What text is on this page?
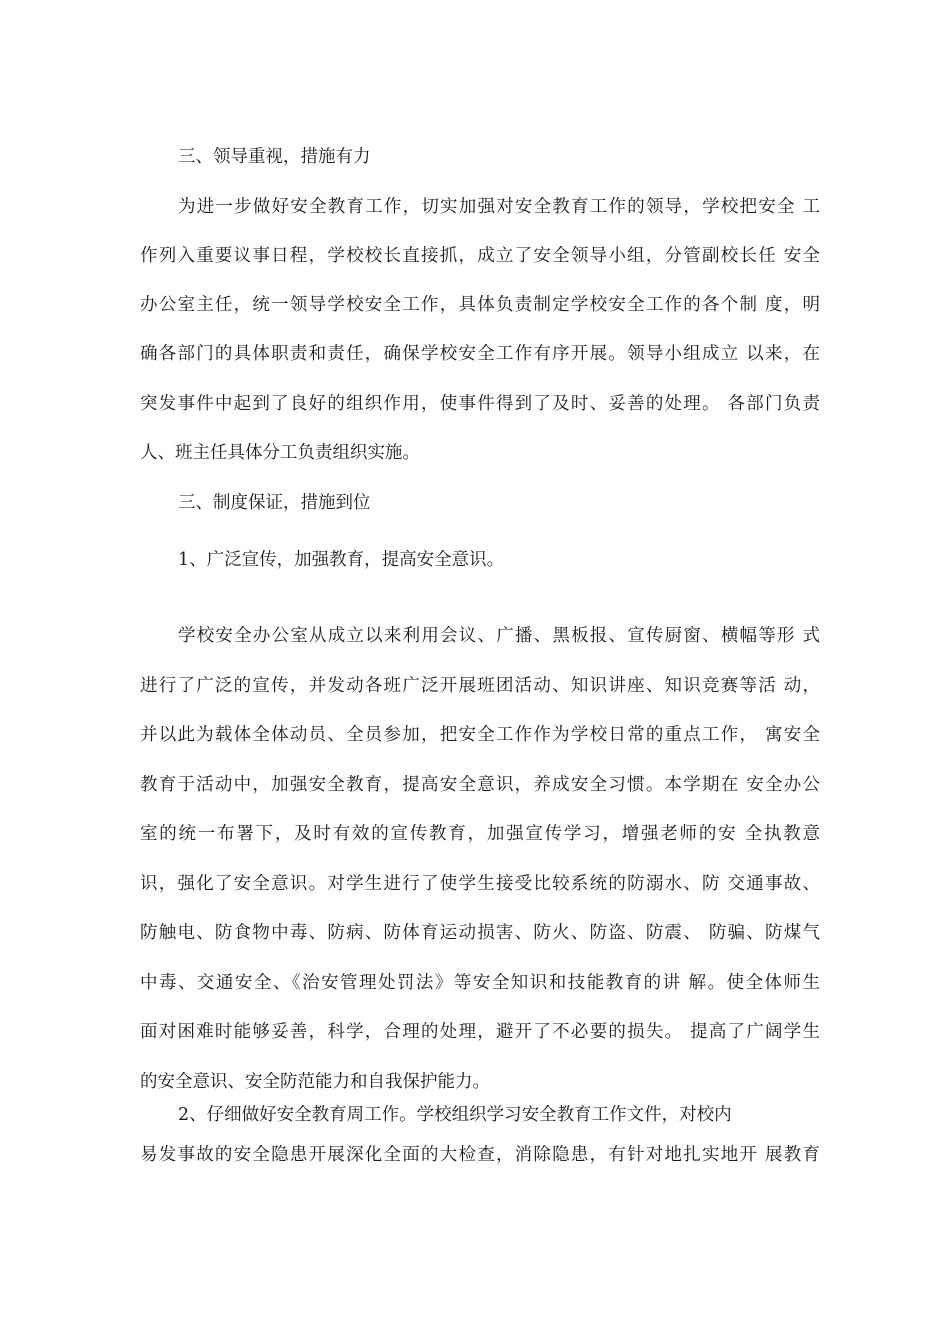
三、领导重视，措施有力
为进一步做好安全教育工作，切实加强对安全教育工作的领导，学校把安全 工
作列入重要议事日程，学校校长直接抓，成立了安全领导小组，分管副校长任 安全
办公室主任，统一领导学校安全工作，具体负责制定学校安全工作的各个制 度，明
确各部门的具体职责和责任，确保学校安全工作有序开展。领导小组成立 以来，在
突发事件中起到了良好的组织作用，使事件得到了及时、妥善的处理。 各部门负责
人、班主任具体分工负责组织实施。
三、制度保证，措施到位
1、广泛宣传，加强教育，提高安全意识。
学校安全办公室从成立以来利用会议、广播、黑板报、宣传厨窗、横幅等形 式
进行了广泛的宣传，并发动各班广泛开展班团活动、知识讲座、知识竞赛等活 动，
并以此为载体全体动员、全员参加，把安全工作作为学校日常的重点工作， 寓安全
教育于活动中，加强安全教育，提高安全意识，养成安全习惯。本学期在 安全办公
室的统一布署下，及时有效的宣传教育，加强宣传学习，增强老师的安 全执教意
识，强化了安全意识。对学生进行了使学生接受比较系统的防溺水、防 交通事故、
防触电、防食物中毒、防病、防体育运动损害、防火、防盗、防震、 防骗、防煤气
中毒、交通安全、《治安管理处罚法》等安全知识和技能教育的讲 解。使全体师生
面对困难时能够妥善，科学，合理的处理，避开了不必要的损失。 提高了广阔学生
的安全意识、安全防范能力和自我保护能力。
2、仔细做好安全教育周工作。学校组织学习安全教育工作文件，对校内
易发事故的安全隐患开展深化全面的大检查，消除隐患，有针对地扎实地开 展教育
